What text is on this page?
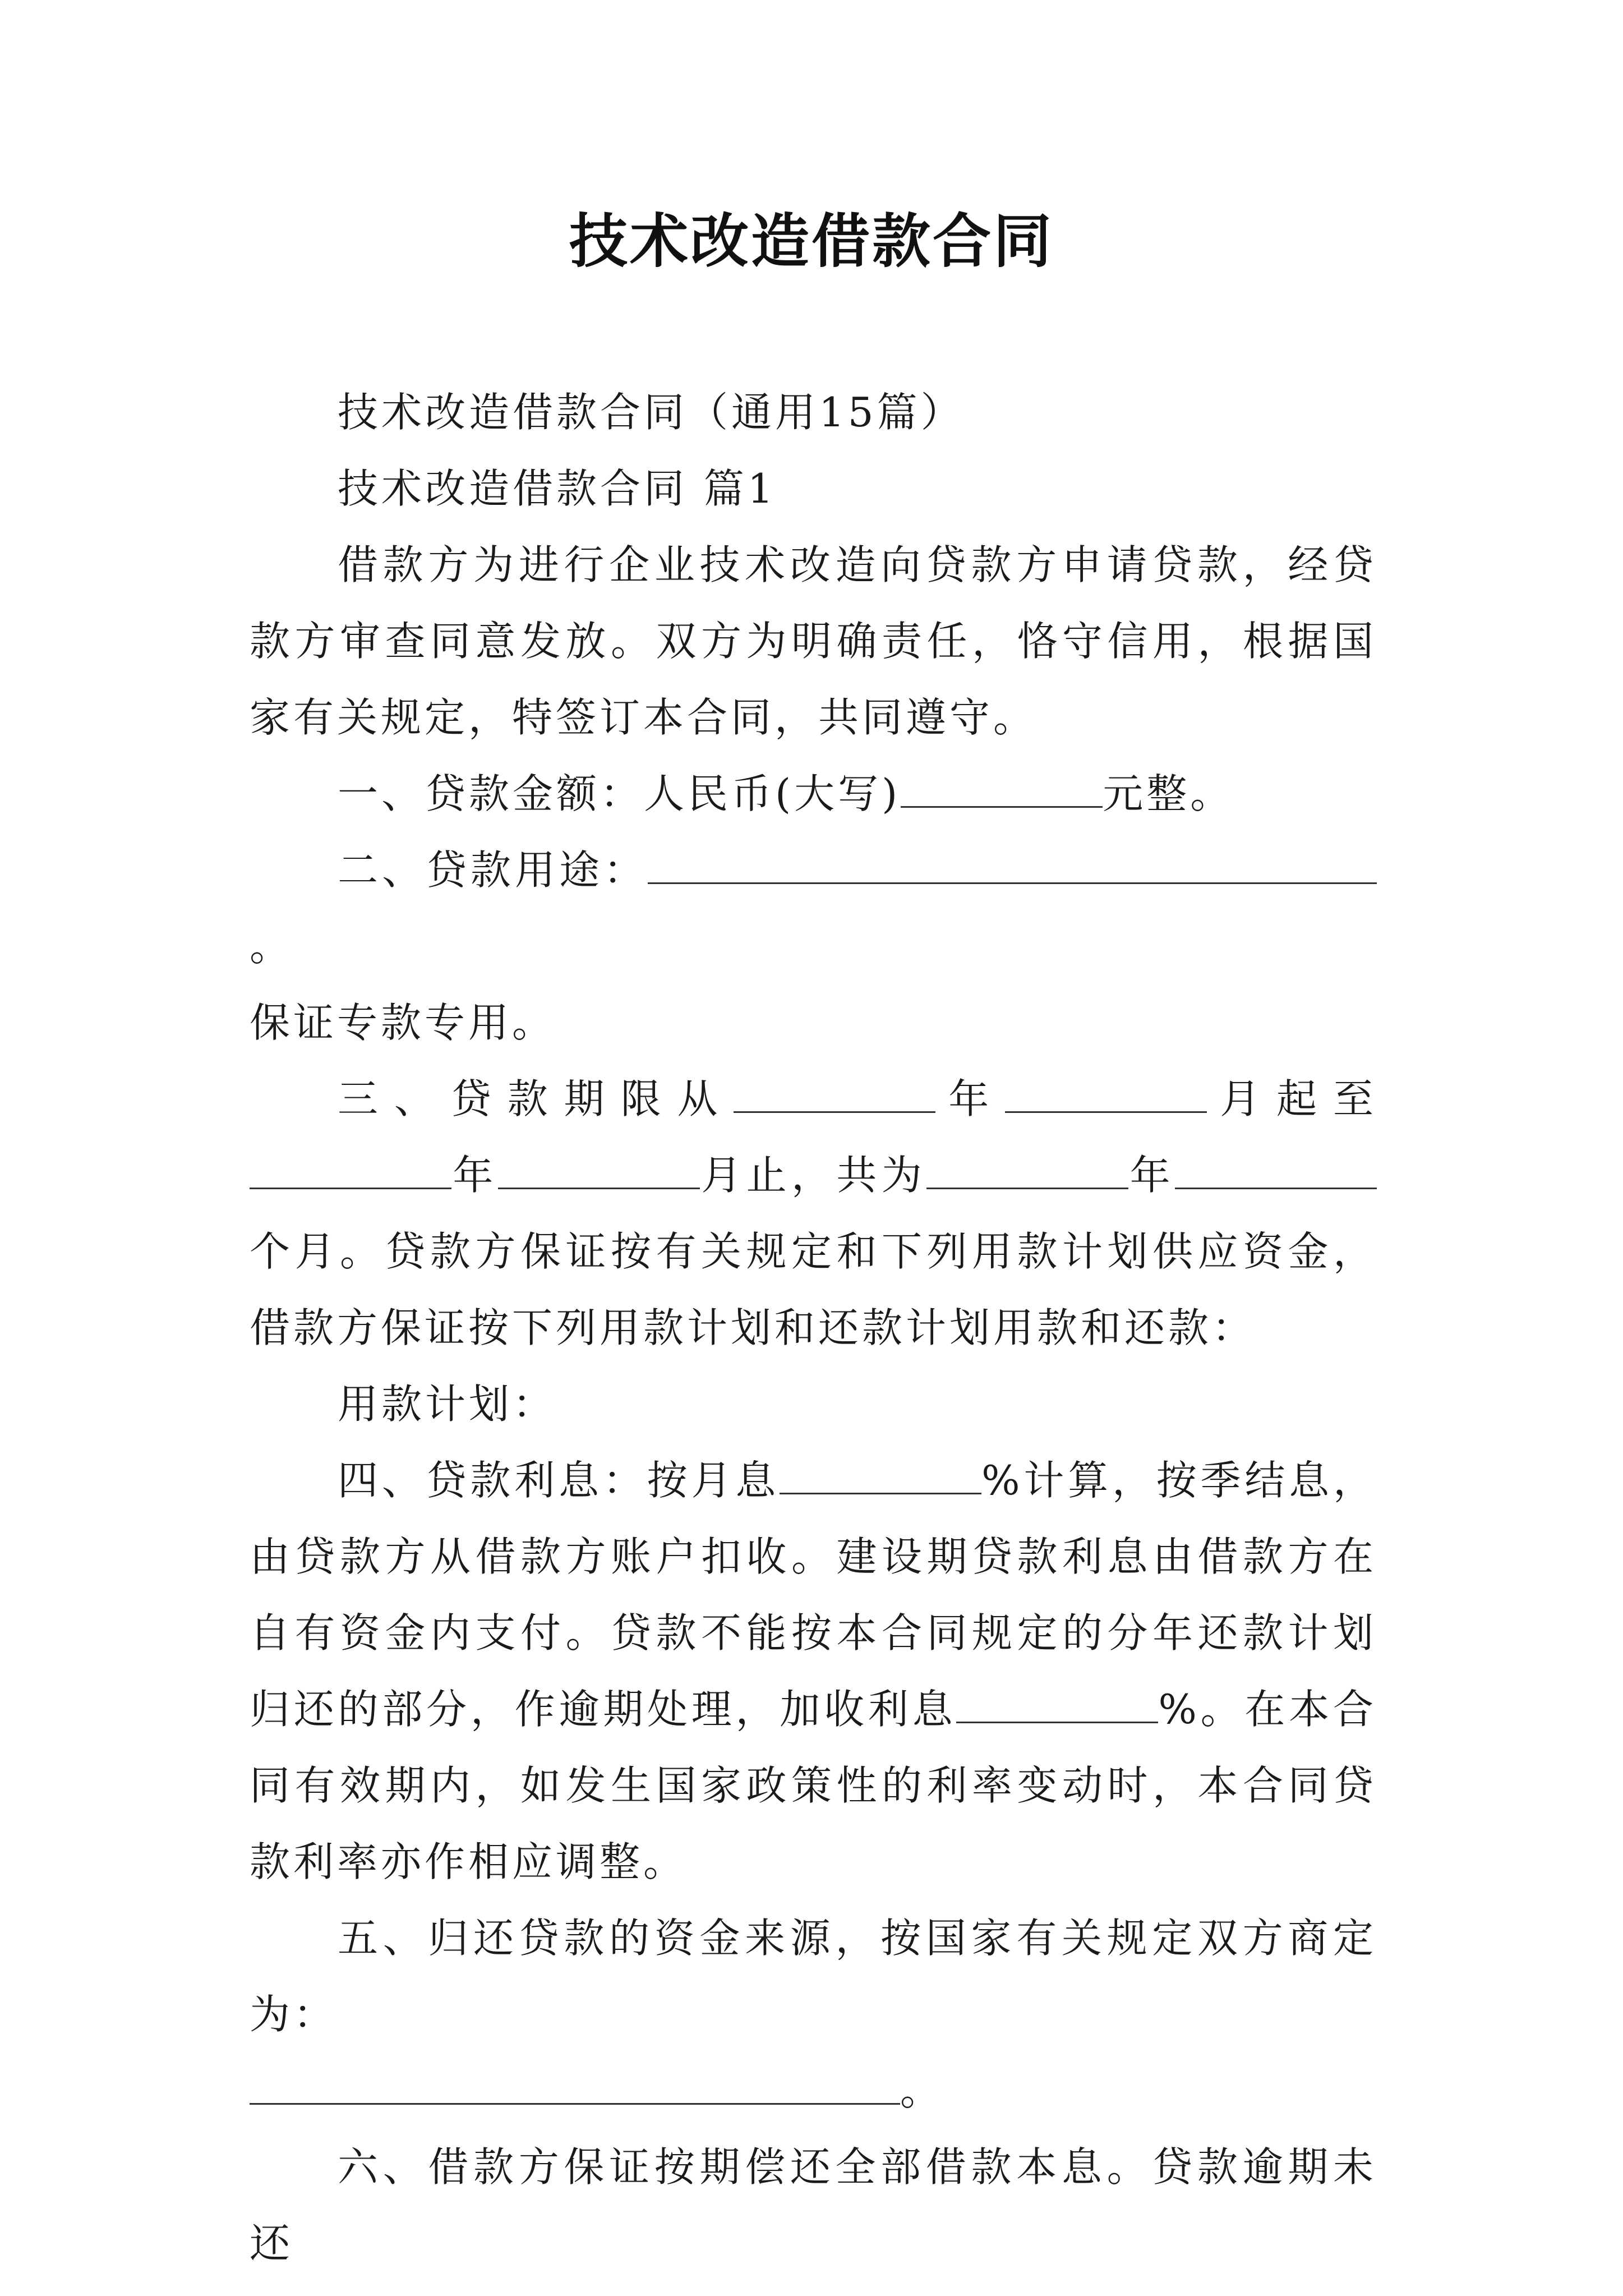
技术改造借款合同

技术改造借款合同（通用15篇）

技术改造借款合同 篇1

借款方为进行企业技术改造向贷款方申请贷款，经贷款方审查同意发放。双方为明确责任，恪守信用，根据国家有关规定，特签订本合同，共同遵守。

一、贷款金额：人民币(大写)	元整。

二、贷款用途：。

保证专款专用。

三、贷款期限从	年	月起至年	月止，共为	年个月。贷款方保证按有关规定和下列用款计划供应资金，借款方保证按下列用款计划和还款计划用款和还款：

用款计划：

四、贷款利息：按月息	%计算，按季结息，由贷款方从借款方账户扣收。建设期贷款利息由借款方在自有资金内支付。贷款不能按本合同规定的分年还款计划归还的部分，作逾期处理，加收利息	%。在本合同有效期内，如发生国家政策性的利率变动时，本合同贷款利率亦作相应调整。

五、归还贷款的资金来源，按国家有关规定双方商定为：

。

六、借款方保证按期偿还全部借款本息。贷款逾期未还
